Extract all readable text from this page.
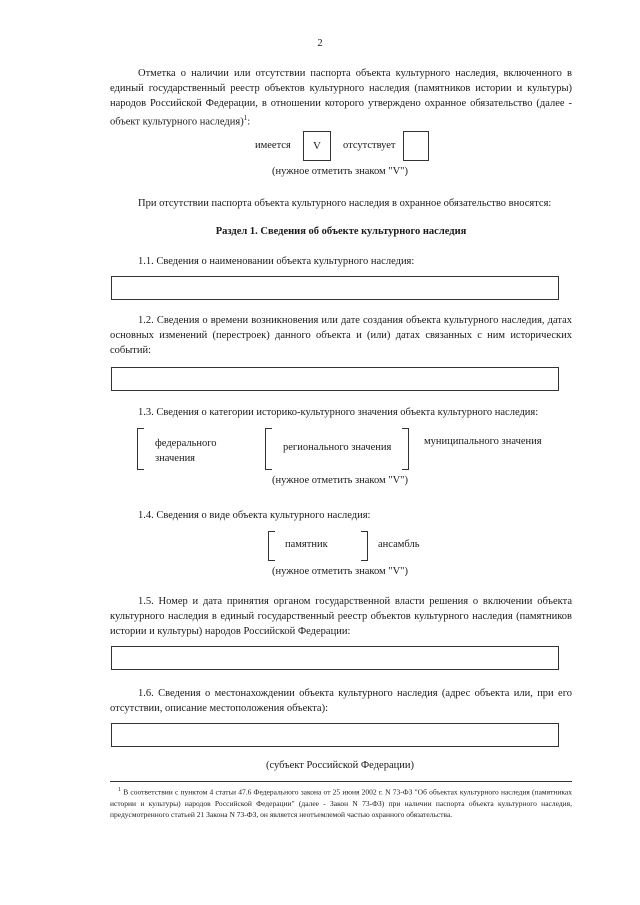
2
Отметка о наличии или отсутствии паспорта объекта культурного наследия, включенного в единый государственный реестр объектов культурного наследия (памятников истории и культуры) народов Российской Федерации, в отношении которого утверждено охранное обязательство (далее - объект культурного наследия)$^1$:
имеется	V	отсутствует
(нужное отметить знаком "V")
При отсутствии паспорта объекта культурного наследия в охранное обязательство вносятся:
Раздел 1. Сведения об объекте культурного наследия
1.1. Сведения о наименовании объекта культурного наследия:
1.2. Сведения о времени возникновения или дате создания объекта культурного наследия, датах основных изменений (перестроек) данного объекта и (или) датах связанных с ним исторических событий:
1.3. Сведения о категории историко-культурного значения объекта культурного наследия:
федерального значения
регионального значения
муниципального значения
(нужное отметить знаком "V")
1.4. Сведения о виде объекта культурного наследия:
памятник	ансамбль
(нужное отметить знаком "V")
1.5. Номер и дата принятия органом государственной власти решения о включении объекта культурного наследия в единый государственный реестр объектов культурного наследия (памятников истории и культуры) народов Российской Федерации:
1.6. Сведения о местонахождении объекта культурного наследия (адрес объекта или, при его отсутствии, описание местоположения объекта):
(субъект Российской Федерации)
$^1$ В соответствии с пунктом 4 статьи 47.6 Федерального закона от 25 июня 2002 г. N 73-ФЗ "Об объектах культурного наследия (памятниках истории и культуры) народов Российской Федерации" (далее - Закон N 73-ФЗ) при наличии паспорта объекта культурного наследия, предусмотренного статьей 21 Закона N 73-ФЗ, он является неотъемлемой частью охранного обязательства.
